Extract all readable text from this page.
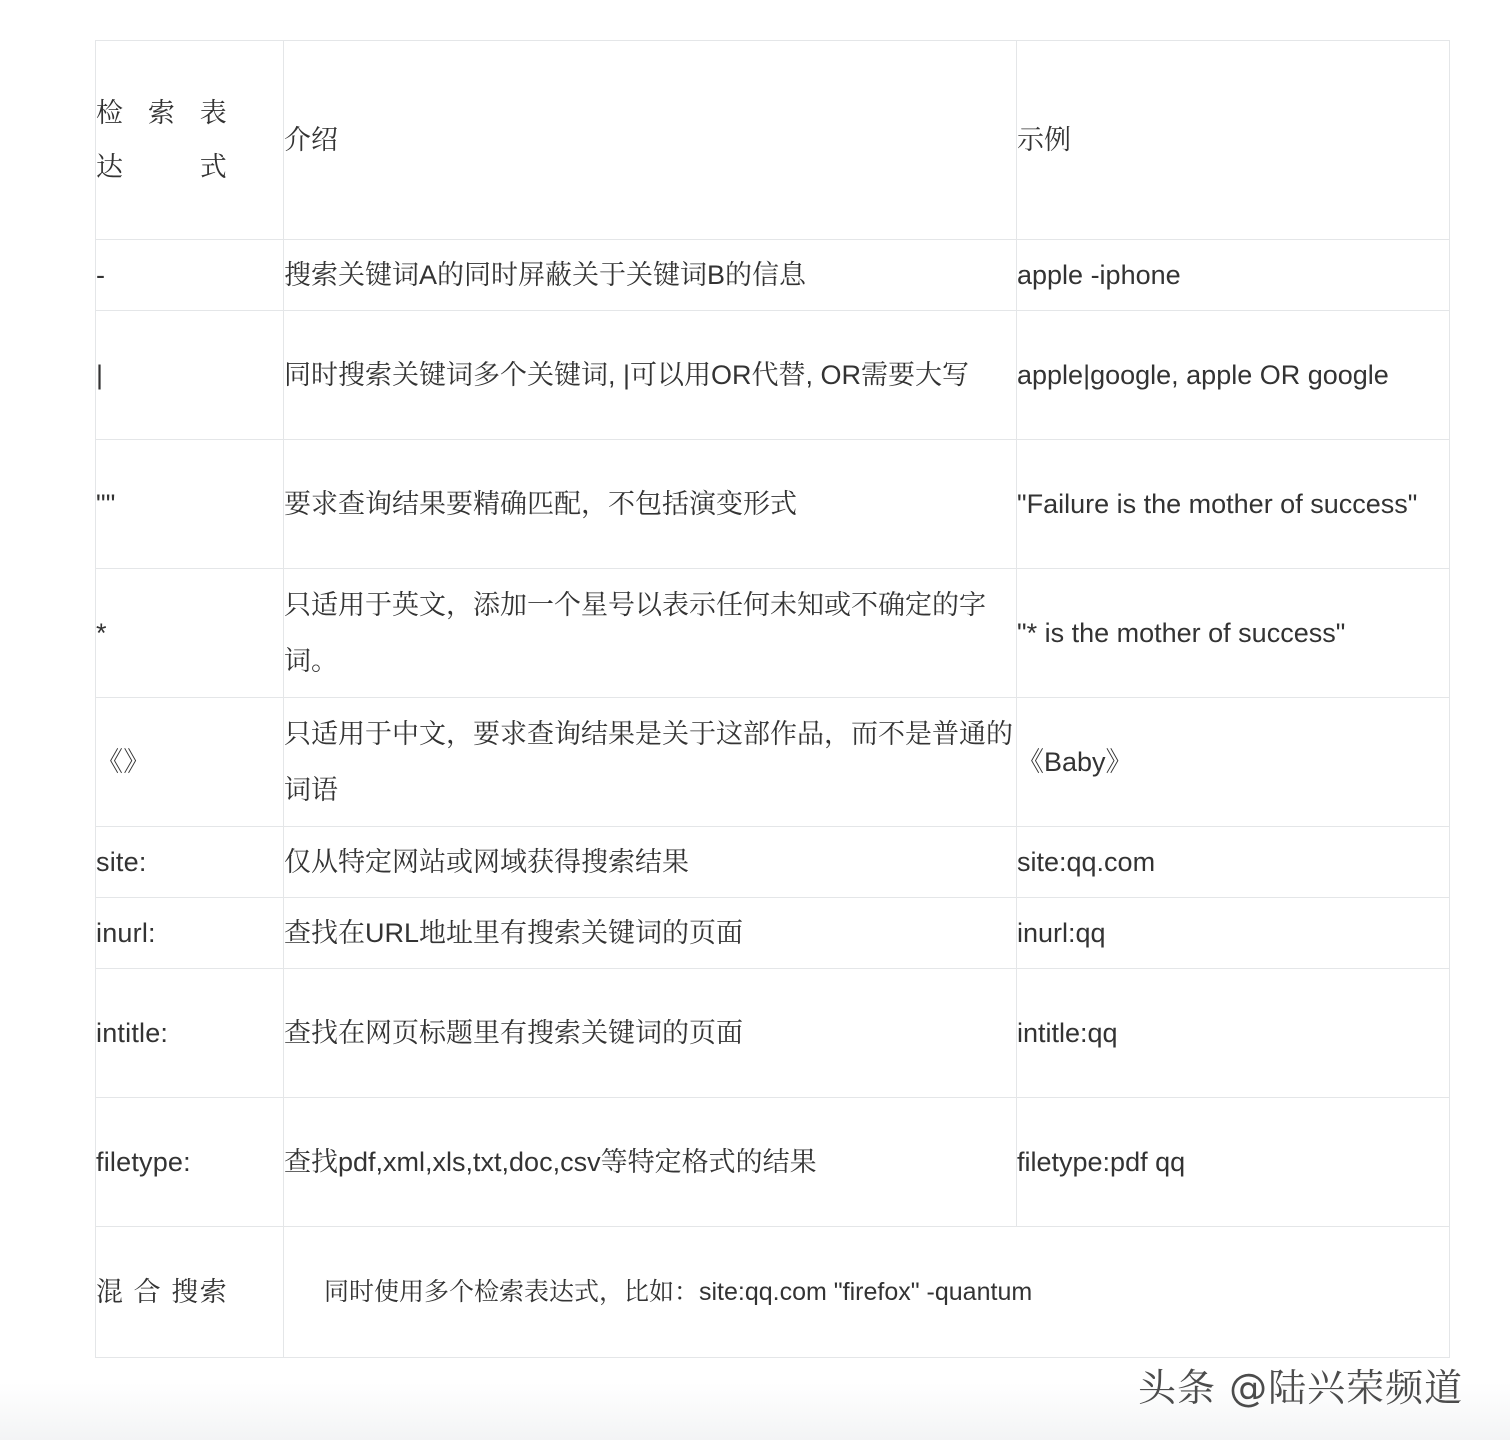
检 索 表 达 式	介绍	示例
-	搜索关键词A的同时屏蔽关于关键词B的信息	apple -iphone
|	同时搜索关键词多个关键词, |可以用OR代替, OR需要大写	apple|google, apple OR google
""	要求查询结果要精确匹配，不包括演变形式	"Failure is the mother of success"
*	只适用于英文，添加一个星号以表示任何未知或不确定的字词。	"* is the mother of success"
《》	只适用于中文，要求查询结果是关于这部作品，而不是普通的词语	《Baby》
site:	仅从特定网站或网域获得搜索结果	site:qq.com
inurl:	查找在URL地址里有搜索关键词的页面	inurl:qq
intitle:	查找在网页标题里有搜索关键词的页面	intitle:qq
filetype:	查找pdf,xml,xls,txt,doc,csv等特定格式的结果	filetype:pdf qq
混 合 搜索	同时使用多个检索表达式，比如：site:qq.com "firefox" -quantum	
头条 @陆兴荣频道
